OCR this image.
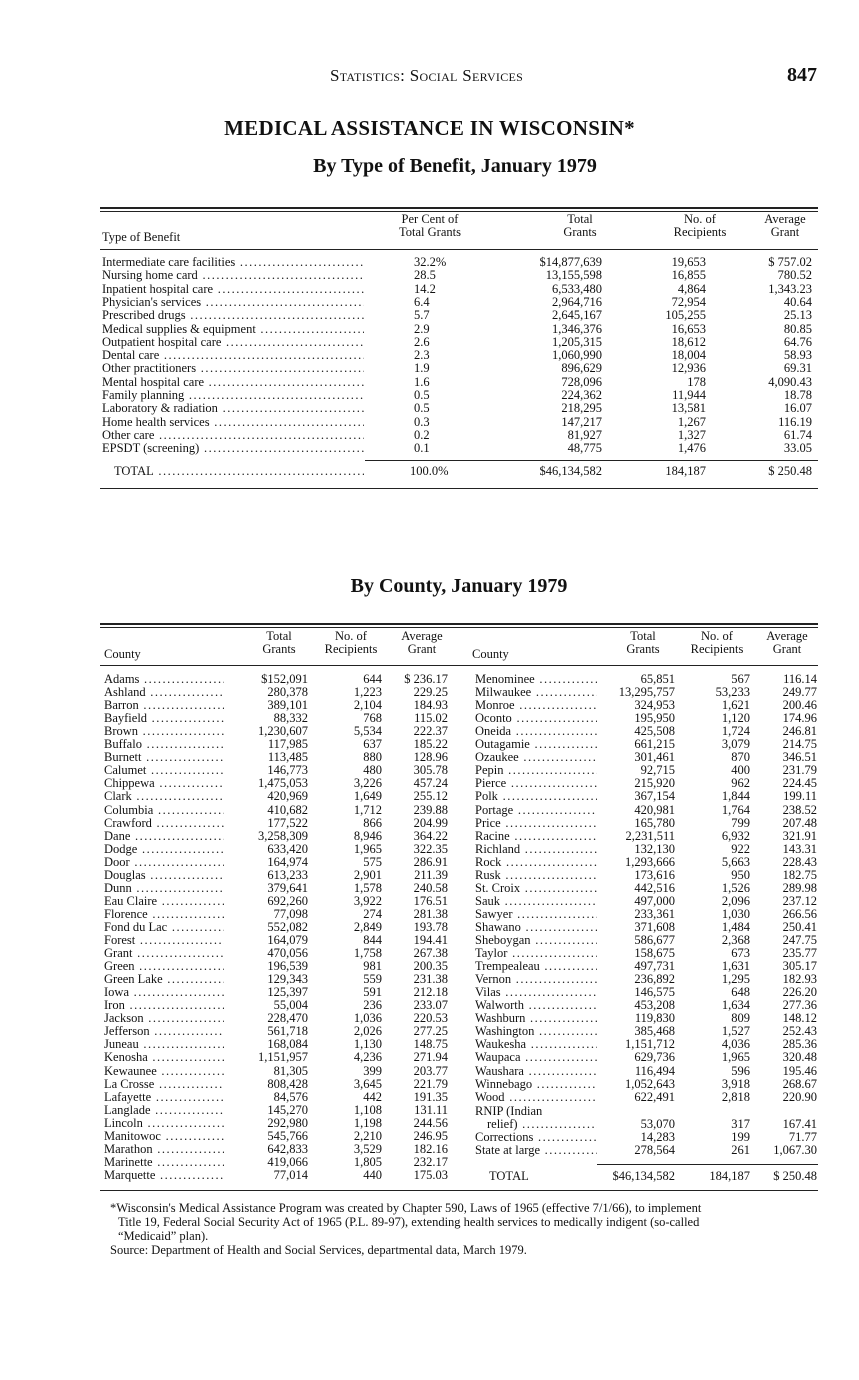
Statistics: Social Services	847
MEDICAL ASSISTANCE IN WISCONSIN*
By Type of Benefit, January 1979
Type of Benefit
Per Cent of
Total Grants
Total
Grants
No. of
Recipients
Average
Grant
Intermediate care facilities .....	32.2%	$14,877,639	19,653	$ 757.02
Nursing home card .....	28.5	13,155,598	16,855	780.52
Inpatient hospital care .....	14.2	6,533,480	4,864	1,343.23
Physician's services .....	6.4	2,964,716	72,954	40.64
Prescribed drugs .....	5.7	2,645,167	105,255	25.13
Medical supplies & equipment .....	2.9	1,346,376	16,653	80.85
Outpatient hospital care .....	2.6	1,205,315	18,612	64.76
Dental care .....	2.3	1,060,990	18,004	58.93
Other practitioners .....	1.9	896,629	12,936	69.31
Mental hospital care .....	1.6	728,096	178	4,090.43
Family planning .....	0.5	224,362	11,944	18.78
Laboratory & radiation .....	0.5	218,295	13,581	16.07
Home health services .....	0.3	147,217	1,267	116.19
Other care .....	0.2	81,927	1,327	61.74
EPSDT (screening) .....	0.1	48,775	1,476	33.05
TOTAL .....	100.0%	$46,134,582	184,187	$ 250.48
By County, January 1979
County
Total
Grants
No. of
Recipients
Average
Grant	County
Total
Grants
No. of
Recipients
Average
Grant
Adams .....	$152,091	644	$ 236.17
Ashland .....	280,378	1,223	229.25
Barron .....	389,101	2,104	184.93
Bayfield .....	88,332	768	115.02
Brown .....	1,230,607	5,534	222.37
Buffalo .....	117,985	637	185.22
Burnett .....	113,485	880	128.96
Calumet .....	146,773	480	305.78
Chippewa .....	1,475,053	3,226	457.24
Clark .....	420,969	1,649	255.12
Columbia .....	410,682	1,712	239.88
Crawford .....	177,522	866	204.99
Dane .....	3,258,309	8,946	364.22
Dodge .....	633,420	1,965	322.35
Door .....	164,974	575	286.91
Douglas .....	613,233	2,901	211.39
Dunn .....	379,641	1,578	240.58
Eau Claire .....	692,260	3,922	176.51
Florence .....	77,098	274	281.38
Fond du Lac .....	552,082	2,849	193.78
Forest .....	164,079	844	194.41
Grant .....	470,056	1,758	267.38
Green .....	196,539	981	200.35
Green Lake .....	129,343	559	231.38
Iowa .....	125,397	591	212.18
Iron .....	55,004	236	233.07
Jackson .....	228,470	1,036	220.53
Jefferson .....	561,718	2,026	277.25
Juneau .....	168,084	1,130	148.75
Kenosha .....	1,151,957	4,236	271.94
Kewaunee .....	81,305	399	203.77
La Crosse .....	808,428	3,645	221.79
Lafayette .....	84,576	442	191.35
Langlade .....	145,270	1,108	131.11
Lincoln .....	292,980	1,198	244.56
Manitowoc .....	545,766	2,210	246.95
Marathon .....	642,833	3,529	182.16
Marinette .....	419,066	1,805	232.17
Marquette .....	77,014	440	175.03
Menominee .....	65,851	567	116.14
Milwaukee .....	13,295,757	53,233	249.77
Monroe .....	324,953	1,621	200.46
Oconto .....	195,950	1,120	174.96
Oneida .....	425,508	1,724	246.81
Outagamie .....	661,215	3,079	214.75
Ozaukee .....	301,461	870	346.51
Pepin .....	92,715	400	231.79
Pierce .....	215,920	962	224.45
Polk .....	367,154	1,844	199.11
Portage .....	420,981	1,764	238.52
Price .....	165,780	799	207.48
Racine .....	2,231,511	6,932	321.91
Richland .....	132,130	922	143.31
Rock .....	1,293,666	5,663	228.43
Rusk .....	173,616	950	182.75
St. Croix .....	442,516	1,526	289.98
Sauk .....	497,000	2,096	237.12
Sawyer .....	233,361	1,030	266.56
Shawano .....	371,608	1,484	250.41
Sheboygan .....	586,677	2,368	247.75
Taylor .....	158,675	673	235.77
Trempealeau .....	497,731	1,631	305.17
Vernon .....	236,892	1,295	182.93
Vilas .....	146,575	648	226.20
Walworth .....	453,208	1,634	277.36
Washburn .....	119,830	809	148.12
Washington .....	385,468	1,527	252.43
Waukesha .....	1,151,712	4,036	285.36
Waupaca .....	629,736	1,965	320.48
Waushara .....	116,494	596	195.46
Winnebago .....	1,052,643	3,918	268.67
Wood .....	622,491	2,818	220.90
RNIP (Indian
relief) .....	53,070	317	167.41
Corrections .....	14,283	199	71.77
State at large .....	278,564	261	1,067.30
TOTAL	$46,134,582	184,187	$ 250.48
*Wisconsin's Medical Assistance Program was created by Chapter 590, Laws of 1965 (effective 7/1/66), to implement
Title 19, Federal Social Security Act of 1965 (P.L. 89-97), extending health services to medically indigent (so-called
“Medicaid” plan).
Source: Department of Health and Social Services, departmental data, March 1979.
